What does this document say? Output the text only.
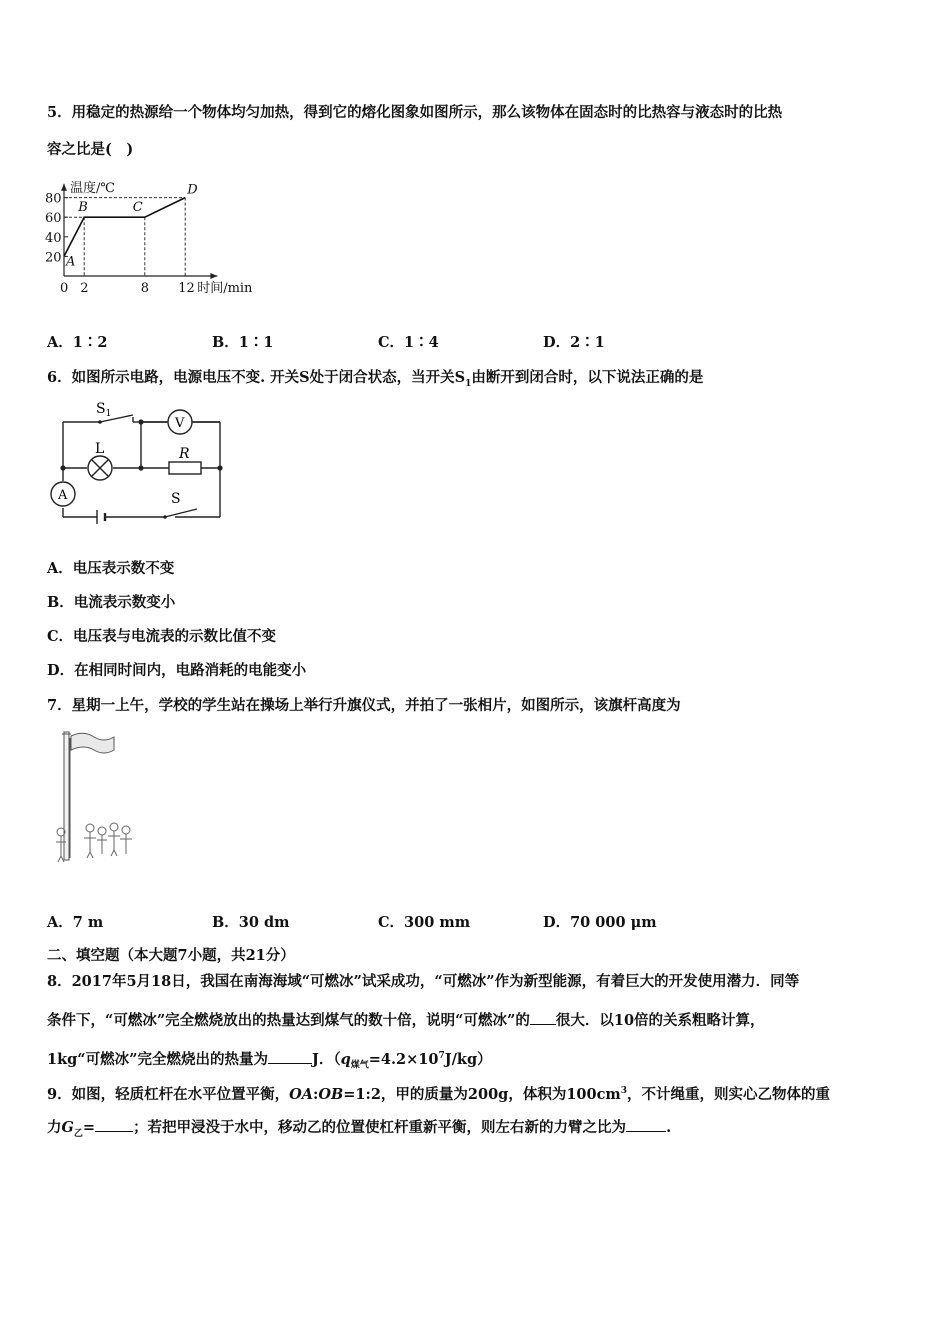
5．用稳定的热源给一个物体均匀加热，得到它的熔化图象如图所示，那么该物体在固态时的比热容与液态时的比热
容之比是(　)
20
40
60
80
0 2	8 12
A
B	C
D
温度/℃
时间/min
A．1∶2	B．1∶1	C．1∶4	D．2∶1
6．如图所示电路，电源电压不变. 开关S处于闭合状态，当开关$S_1$由断开到闭合时，以下说法正确的是
$S_1$
V
A
L	R
S
A．电压表示数不变
B．电流表示数变小
C．电压表与电流表的示数比值不变
D．在相同时间内，电路消耗的电能变小
7．星期一上午，学校的学生站在操场上举行升旗仪式，并拍了一张相片，如图所示，该旗杆高度为
A．7 m	B．30 dm	C．300 mm	D．70 000 μm
二、填空题（本大题7小题，共21分）
8．2017年5月18日，我国在南海海域“可燃冰”试采成功，“可燃冰”作为新型能源，有着巨大的开发使用潜力．同等
条件下，“可燃冰”完全燃烧放出的热量达到煤气的数十倍，说明“可燃冰”的 很大．以10倍的关系粗略计算，
1kg“可燃冰”完全燃烧出的热量为	J．$(q_{煤气}=4.2\times 10^7J/kg)$
9．如图，轻质杠杆在水平位置平衡，OA:OB=1:2，甲的质量为200g，体积为$100cm^3$，不计绳重，则实心乙物体的重
力$G_乙=$	；若把甲浸没于水中，移动乙的位置使杠杆重新平衡，则左右新的力臂之比为	.
